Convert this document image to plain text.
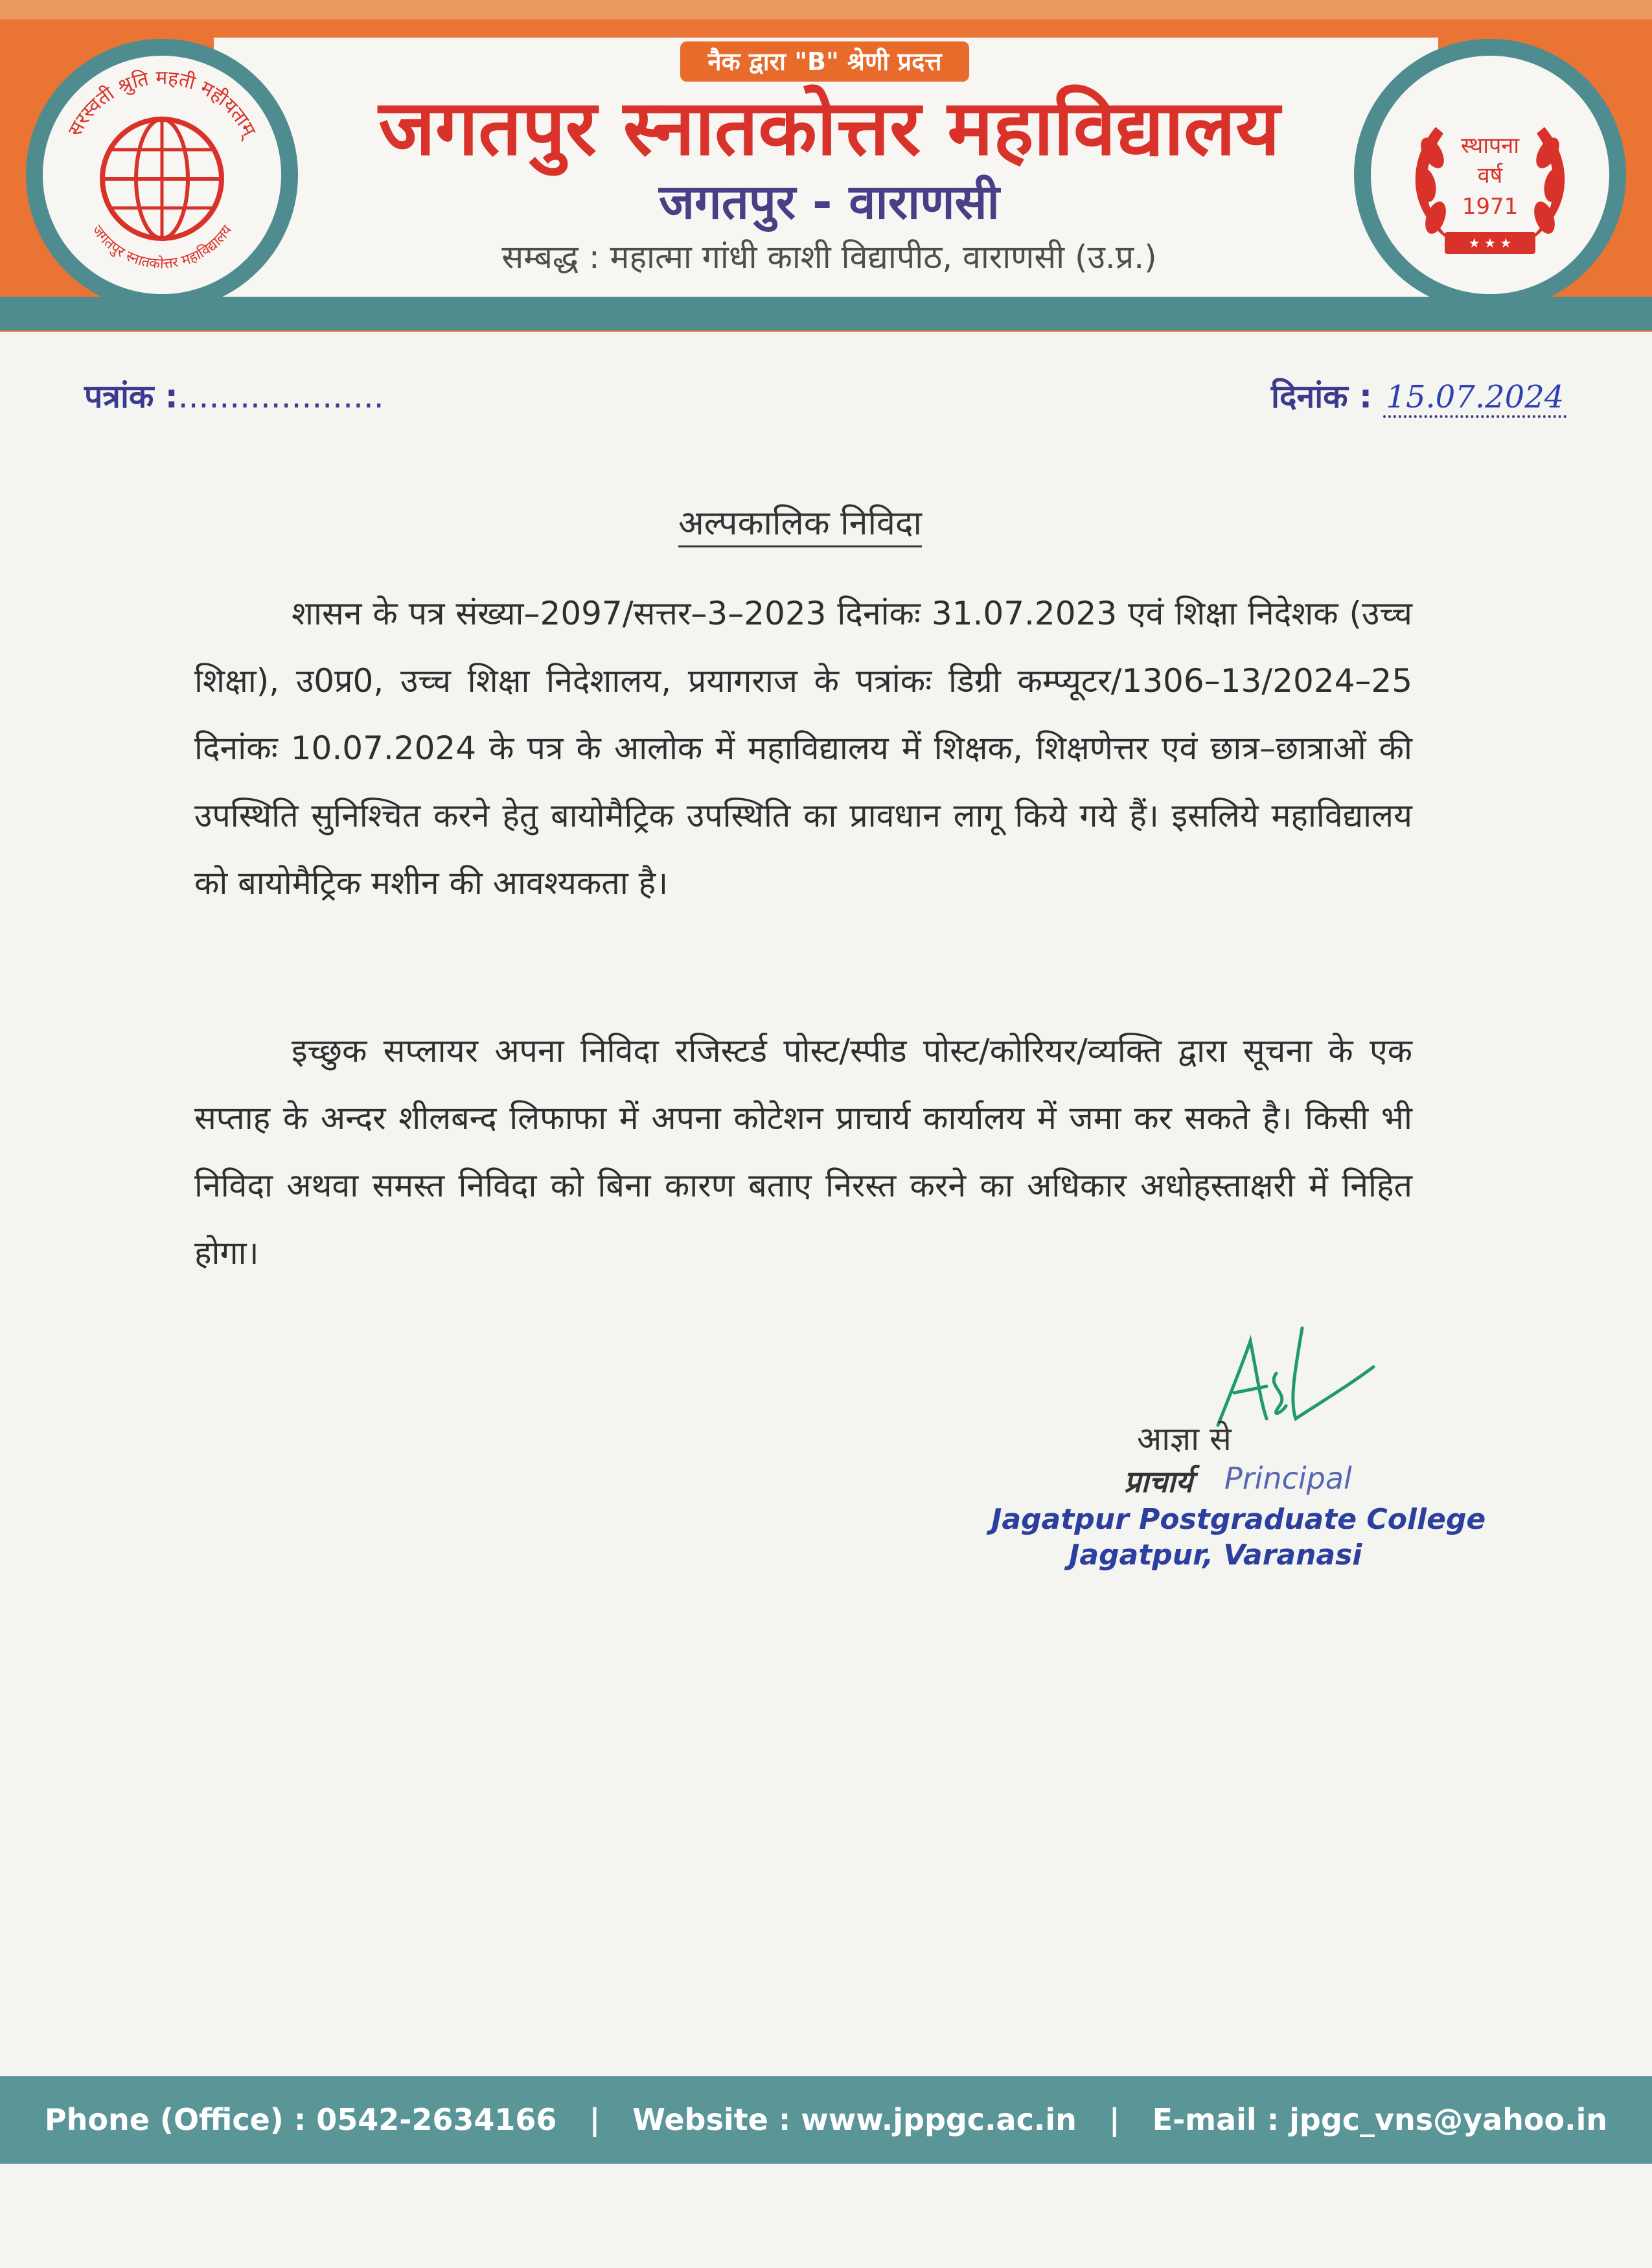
सरस्वती श्रुति महती महीयताम्
जगतपुर स्नातकोत्तर महाविद्यालय
★ ★ ★
स्थापना
वर्ष
1971
नैक द्वारा "B" श्रेणी प्रदत्त
जगतपुर स्नातकोत्तर महाविद्यालय
जगतपुर - वाराणसी
सम्बद्ध : महात्मा गांधी काशी विद्यापीठ, वाराणसी (उ.प्र.)
पत्रांक :....................	दिनांक : 15.07.2024
अल्पकालिक निविदा
शासन के पत्र संख्या–2097/सत्तर–3–2023 दिनांकः 31.07.2023 एवं शिक्षा निदेशक (उच्च शिक्षा), उ0प्र0, उच्च शिक्षा निदेशालय, प्रयागराज के पत्रांकः डिग्री कम्प्यूटर/1306–13/2024–25 दिनांकः 10.07.2024 के पत्र के आलोक में महाविद्यालय में शिक्षक, शिक्षणेत्तर एवं छात्र–छात्राओं की उपस्थिति सुनिश्चित करने हेतु बायोमैट्रिक उपस्थिति का प्रावधान लागू किये गये हैं। इसलिये महाविद्यालय को बायोमैट्रिक मशीन की आवश्यकता है।
इच्छुक सप्लायर अपना निविदा रजिस्टर्ड पोस्ट/स्पीड पोस्ट/कोरियर/व्यक्ति द्वारा सूचना के एक सप्ताह के अन्दर शीलबन्द लिफाफा में अपना कोटेशन प्राचार्य कार्यालय में जमा कर सकते है। किसी भी निविदा अथवा समस्त निविदा को बिना कारण बताए निरस्त करने का अधिकार अधोहस्ताक्षरी में निहित होगा।
आज्ञा से
प्राचार्य Principal
Jagatpur Postgraduate College
Jagatpur, Varanasi
Phone (Office) : 0542-2634166 | Website : www.jppgc.ac.in | E-mail : jpgc_vns@yahoo.in
